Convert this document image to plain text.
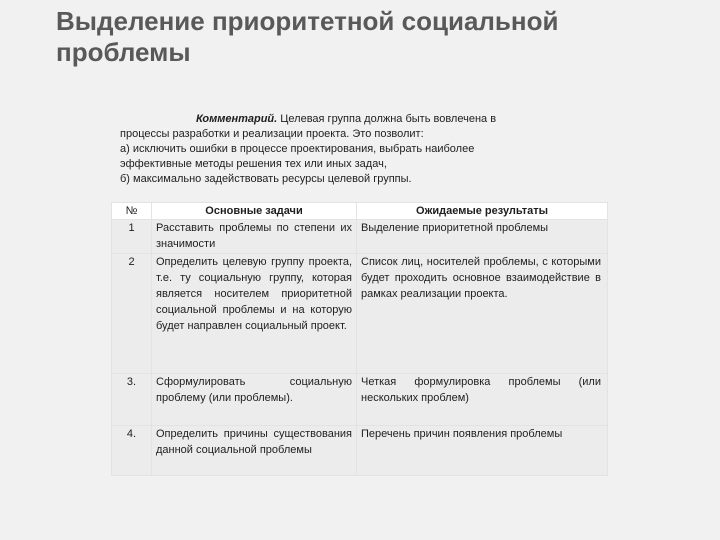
Выделение приоритетной социальной проблемы
Комментарий. Целевая группа должна быть вовлечена в
процессы разработки и реализации проекта. Это позволит:
а) исключить ошибки в процессе проектирования, выбрать наиболее
эффективные методы решения тех или иных задач,
б) максимально задействовать ресурсы целевой группы.
№	Основные задачи	Ожидаемые результаты

1	Расставить проблемы по степени их значимости	Выделение приоритетной проблемы
2	Определить целевую группу проекта, т.е. ту социальную группу, которая является носителем приоритетной социальной проблемы и на которую будет направлен социальный проект.	Список лиц, носителей проблемы, с которыми будет проходить основное взаимодействие в рамках реализации проекта.
3.	Сформулировать социальную проблему (или проблемы).	Четкая формулировка проблемы (или нескольких проблем)
4.	Определить причины существования данной социальной проблемы	Перечень причин появления проблемы
